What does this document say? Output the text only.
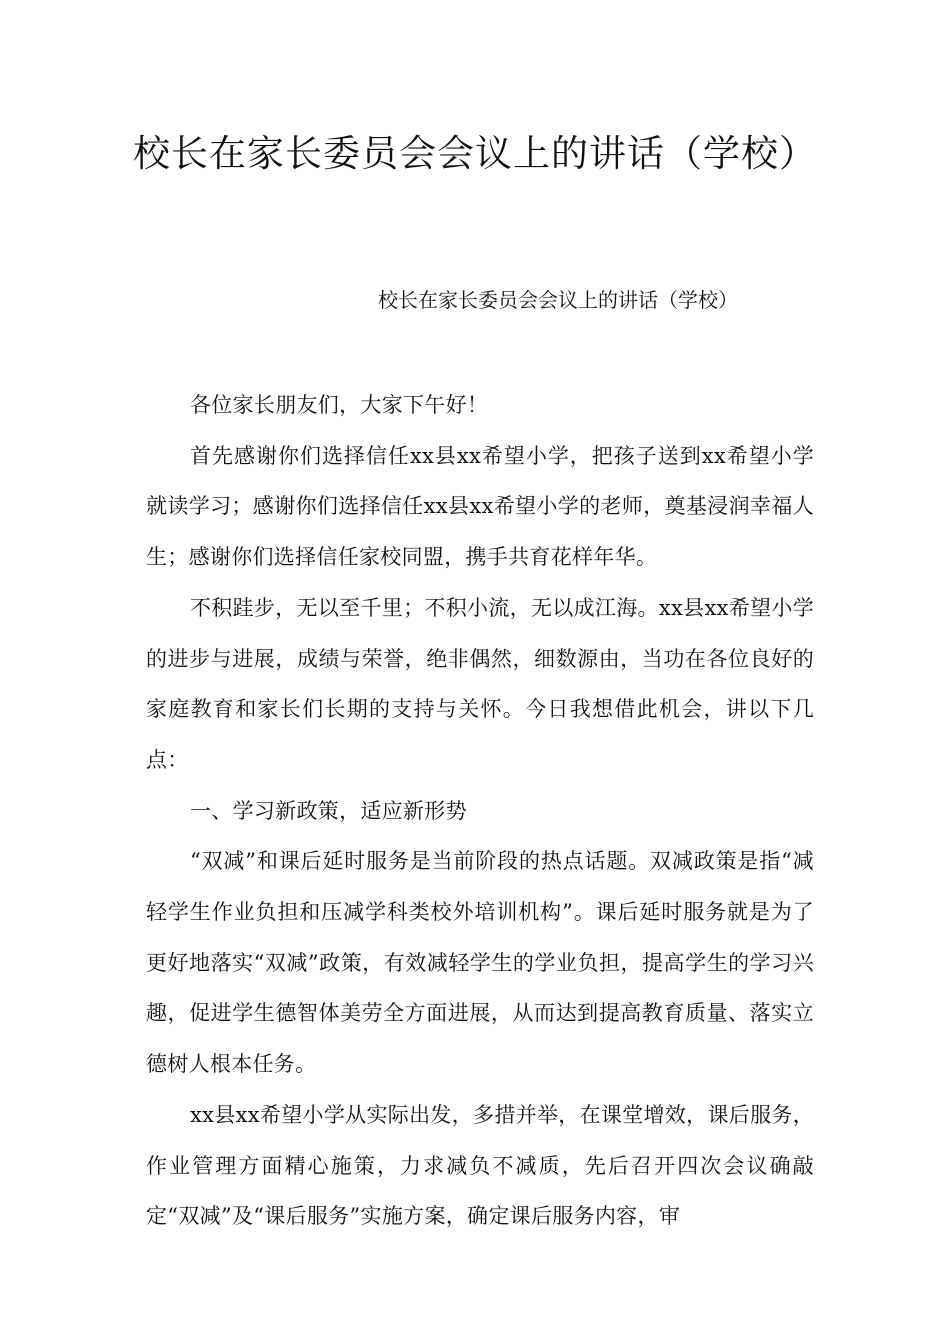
校长在家长委员会会议上的讲话（学校）

校长在家长委员会会议上的讲话（学校）

各位家长朋友们，大家下午好！

首先感谢你们选择信任xx县xx希望小学，把孩子送到xx希望小学就读学习；感谢你们选择信任xx县xx希望小学的老师，奠基浸润幸福人生；感谢你们选择信任家校同盟，携手共育花样年华。

不积跬步，无以至千里；不积小流，无以成江海。xx县xx希望小学的进步与进展，成绩与荣誉，绝非偶然，细数源由，当功在各位良好的家庭教育和家长们长期的支持与关怀。今日我想借此机会，讲以下几点：

一、学习新政策，适应新形势

“双减”和课后延时服务是当前阶段的热点话题。双减政策是指“减轻学生作业负担和压减学科类校外培训机构”。课后延时服务就是为了更好地落实“双减”政策，有效减轻学生的学业负担，提高学生的学习兴趣，促进学生德智体美劳全方面进展，从而达到提高教育质量、落实立德树人根本任务。

xx县xx希望小学从实际出发，多措并举，在课堂增效，课后服务，作业管理方面精心施策，力求减负不减质，先后召开四次会议确敲定“双减”及“课后服务”实施方案，确定课后服务内容，审
